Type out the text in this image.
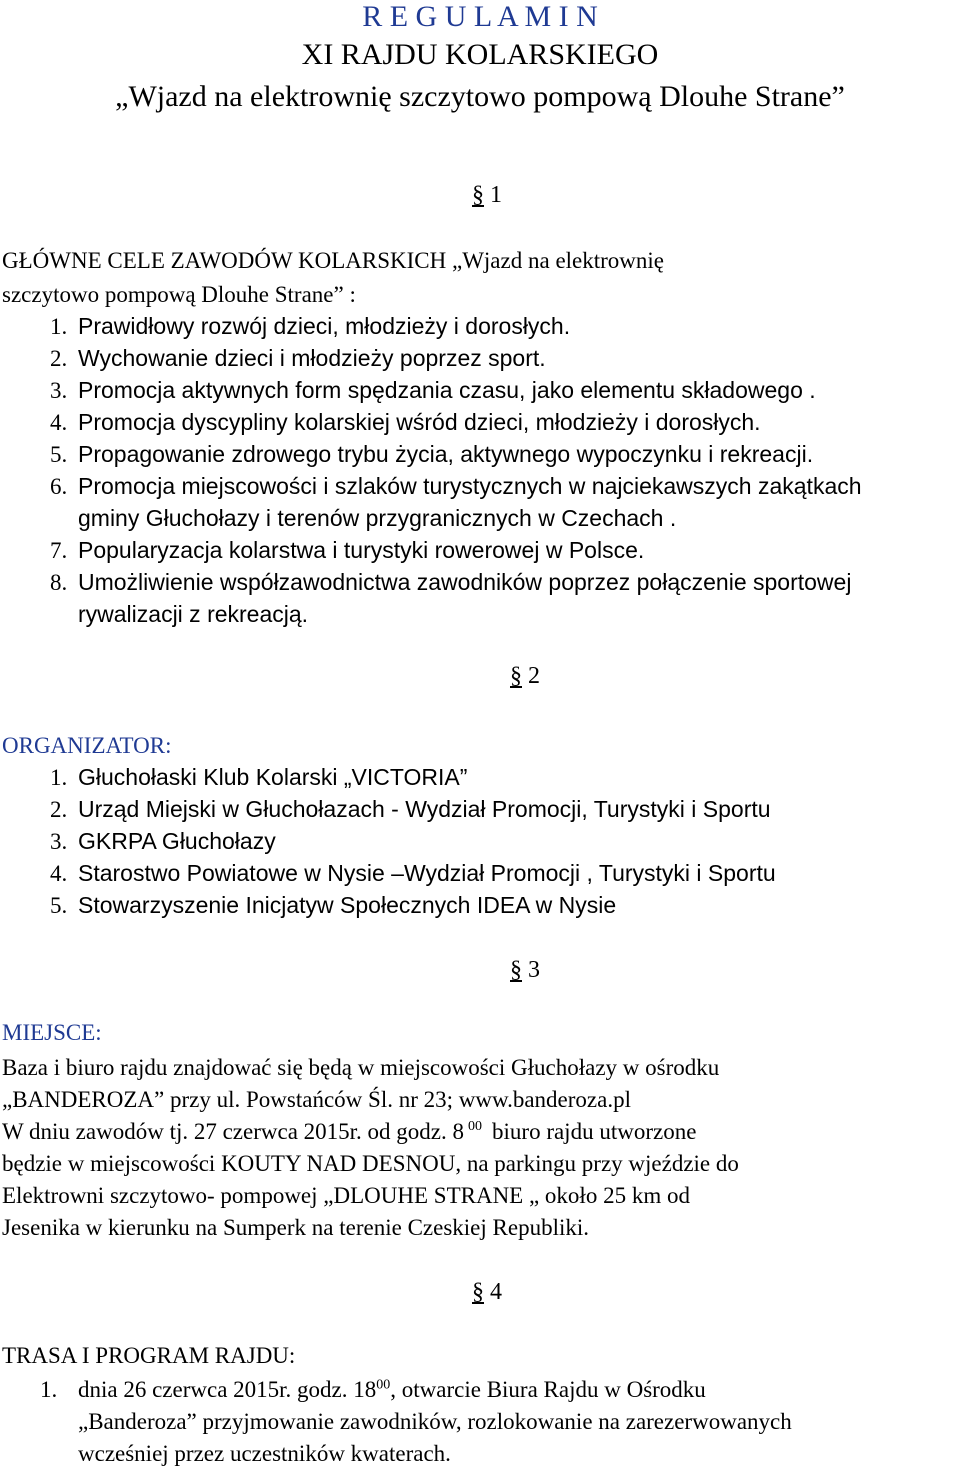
R E G U L A M I N
XI RAJDU KOLARSKIEGO
„Wjazd na elektrownię szczytowo pompową Dlouhe Strane”
§ 1
GŁÓWNE CELE ZAWODÓW KOLARSKICH „Wjazd na elektrownię
szczytowo pompową Dlouhe Strane” :
1. Prawidłowy rozwój dzieci, młodzieży i dorosłych.
2. Wychowanie dzieci i młodzieży poprzez sport.
3. Promocja aktywnych form spędzania czasu, jako elementu składowego .
4. Promocja dyscypliny kolarskiej wśród dzieci, młodzieży i dorosłych.
5. Propagowanie zdrowego trybu życia, aktywnego wypoczynku i rekreacji.
6. Promocja miejscowości i szlaków turystycznych w najciekawszych zakątkach
gminy Głuchołazy i terenów przygranicznych w Czechach .
7. Popularyzacja kolarstwa i turystyki rowerowej w Polsce.
8. Umożliwienie współzawodnictwa zawodników poprzez połączenie sportowej
rywalizacji z rekreacją.
§ 2
ORGANIZATOR:
1. Głuchołaski Klub Kolarski „VICTORIA”
2. Urząd Miejski w Głuchołazach - Wydział Promocji, Turystyki i Sportu
3. GKRPA Głuchołazy
4. Starostwo Powiatowe w Nysie –Wydział Promocji , Turystyki i Sportu
5. Stowarzyszenie Inicjatyw Społecznych IDEA w Nysie
§ 3
MIEJSCE:
Baza i biuro rajdu znajdować się będą w miejscowości Głuchołazy w ośrodku
„BANDEROZA” przy ul. Powstańców Śl. nr 23; www.banderoza.pl
W dniu zawodów tj. 27 czerwca 2015r. od godz. 8 $^{00}$ biuro rajdu utworzone
będzie w miejscowości KOUTY NAD DESNOU, na parkingu przy wjeździe do
Elektrowni szczytowo- pompowej „DLOUHE STRANE „ około 25 km od
Jesenika w kierunku na Sumperk na terenie Czeskiej Republiki.
§ 4
TRASA I PROGRAM RAJDU:
1. dnia 26 czerwca 2015r. godz. $18^{00}$, otwarcie Biura Rajdu w Ośrodku
„Banderoza” przyjmowanie zawodników, rozlokowanie na zarezerwowanych
wcześniej przez uczestników kwaterach.
